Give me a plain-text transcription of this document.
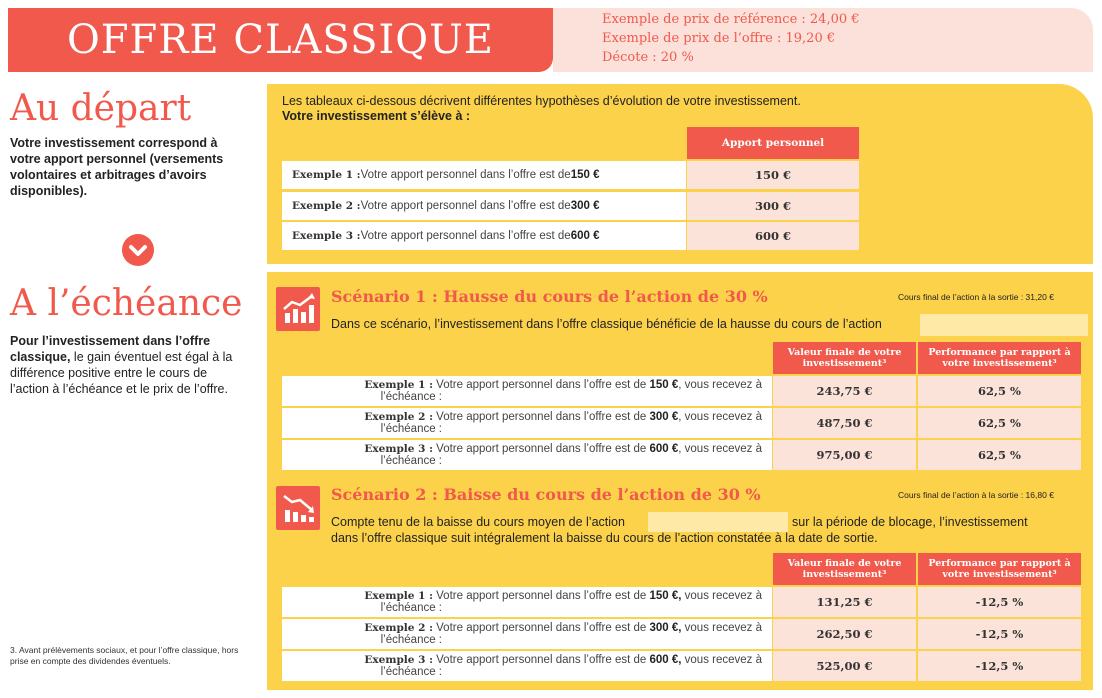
OFFRE CLASSIQUE	Exemple de prix de référence : 24,00 €
Exemple de prix de l’offre : 19,20 €
Décote : 20 %
Au départ
Votre investissement correspond à votre apport personnel (versements volontaires et arbitrages d’avoirs disponibles).
A l’échéance
Pour l’investissement dans l’offre classique, le gain éventuel est égal à la différence positive entre le cours de l’action à l’échéance et le prix de l’offre.
3. Avant prélèvements sociaux, et pour l’offre classique, hors prise en compte des dividendes éventuels.
Les tableaux ci-dessous décrivent différentes hypothèses d’évolution de votre investissement.
Votre investissement s’élève à :
Apport personnel
Exemple 1 : Votre apport personnel dans l’offre est de 150 €	150 €
Exemple 2 : Votre apport personnel dans l’offre est de 300 €	300 €
Exemple 3 : Votre apport personnel dans l’offre est de 600 €	600 €
Scénario 1 : Hausse du cours de l’action de 30 %	Cours final de l’action à la sortie : 31,20 €
Dans ce scénario, l’investissement dans l’offre classique bénéficie de la hausse du cours de l’action
Valeur finale de votre investissement³
Performance par rapport à votre investissement³
Exemple 1 : Votre apport personnel dans l’offre est de 150 €, vous recevez à
l’échéance :	243,75 €	62,5 %
Exemple 2 : Votre apport personnel dans l’offre est de 300 €, vous recevez à
l’échéance :	487,50 €	62,5 %
Exemple 3 : Votre apport personnel dans l’offre est de 600 €, vous recevez à
l’échéance :	975,00 €	62,5 %
Scénario 2 : Baisse du cours de l’action de 30 %	Cours final de l’action à la sortie : 16,80 €
Compte tenu de la baisse du cours moyen de l’action	sur la période de blocage, l’investissement
dans l’offre classique suit intégralement la baisse du cours de l’action constatée à la date de sortie.
Valeur finale de votre investissement³
Performance par rapport à votre investissement³
Exemple 1 : Votre apport personnel dans l’offre est de 150 €, vous recevez à
l’échéance :	131,25 €	-12,5 %
Exemple 2 : Votre apport personnel dans l’offre est de 300 €, vous recevez à
l’échéance :	262,50 €	-12,5 %
Exemple 3 : Votre apport personnel dans l’offre est de 600 €, vous recevez à
l’échéance :	525,00 €	-12,5 %
